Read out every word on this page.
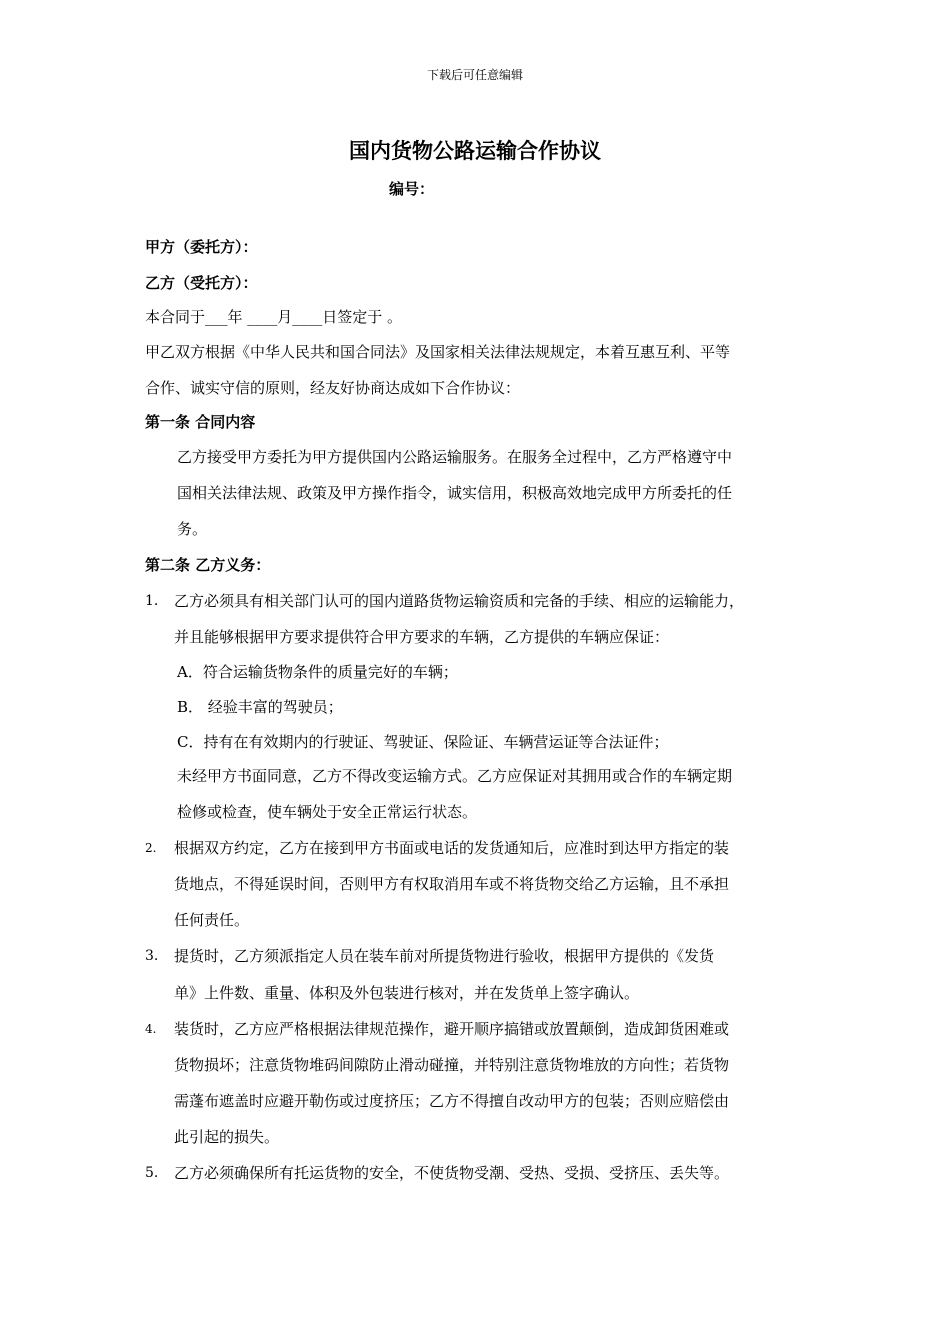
下载后可任意编辑
国内货物公路运输合作协议
编号：
甲方（委托方）：
乙方（受托方）：
本合同于___年 ____月____日签定于 。
甲乙双方根据《中华人民共和国合同法》及国家相关法律法规规定，本着互惠互利、平等
合作、诚实守信的原则，经友好协商达成如下合作协议：
第一条 合同内容
乙方接受甲方委托为甲方提供国内公路运输服务。在服务全过程中，乙方严格遵守中
国相关法律法规、政策及甲方操作指令，诚实信用，积极高效地完成甲方所委托的任
务。
第二条 乙方义务：
1. 乙方必须具有相关部门认可的国内道路货物运输资质和完备的手续、相应的运输能力，
并且能够根据甲方要求提供符合甲方要求的车辆，乙方提供的车辆应保证：
A．符合运输货物条件的质量完好的车辆；
B． 经验丰富的驾驶员；
C．持有在有效期内的行驶证、驾驶证、保险证、车辆营运证等合法证件；
未经甲方书面同意，乙方不得改变运输方式。乙方应保证对其拥用或合作的车辆定期
检修或检查，使车辆处于安全正常运行状态。
2. 根据双方约定，乙方在接到甲方书面或电话的发货通知后，应准时到达甲方指定的装
货地点，不得延误时间，否则甲方有权取消用车或不将货物交给乙方运输，且不承担
任何责任。
3. 提货时，乙方须派指定人员在装车前对所提货物进行验收，根据甲方提供的《发货
单》上件数、重量、体积及外包装进行核对，并在发货单上签字确认。
4. 装货时，乙方应严格根据法律规范操作，避开顺序搞错或放置颠倒，造成卸货困难或
货物损坏；注意货物堆码间隙防止滑动碰撞，并特别注意货物堆放的方向性；若货物
需蓬布遮盖时应避开勒伤或过度挤压；乙方不得擅自改动甲方的包装；否则应赔偿由
此引起的损失。
5. 乙方必须确保所有托运货物的安全，不使货物受潮、受热、受损、受挤压、丢失等。
